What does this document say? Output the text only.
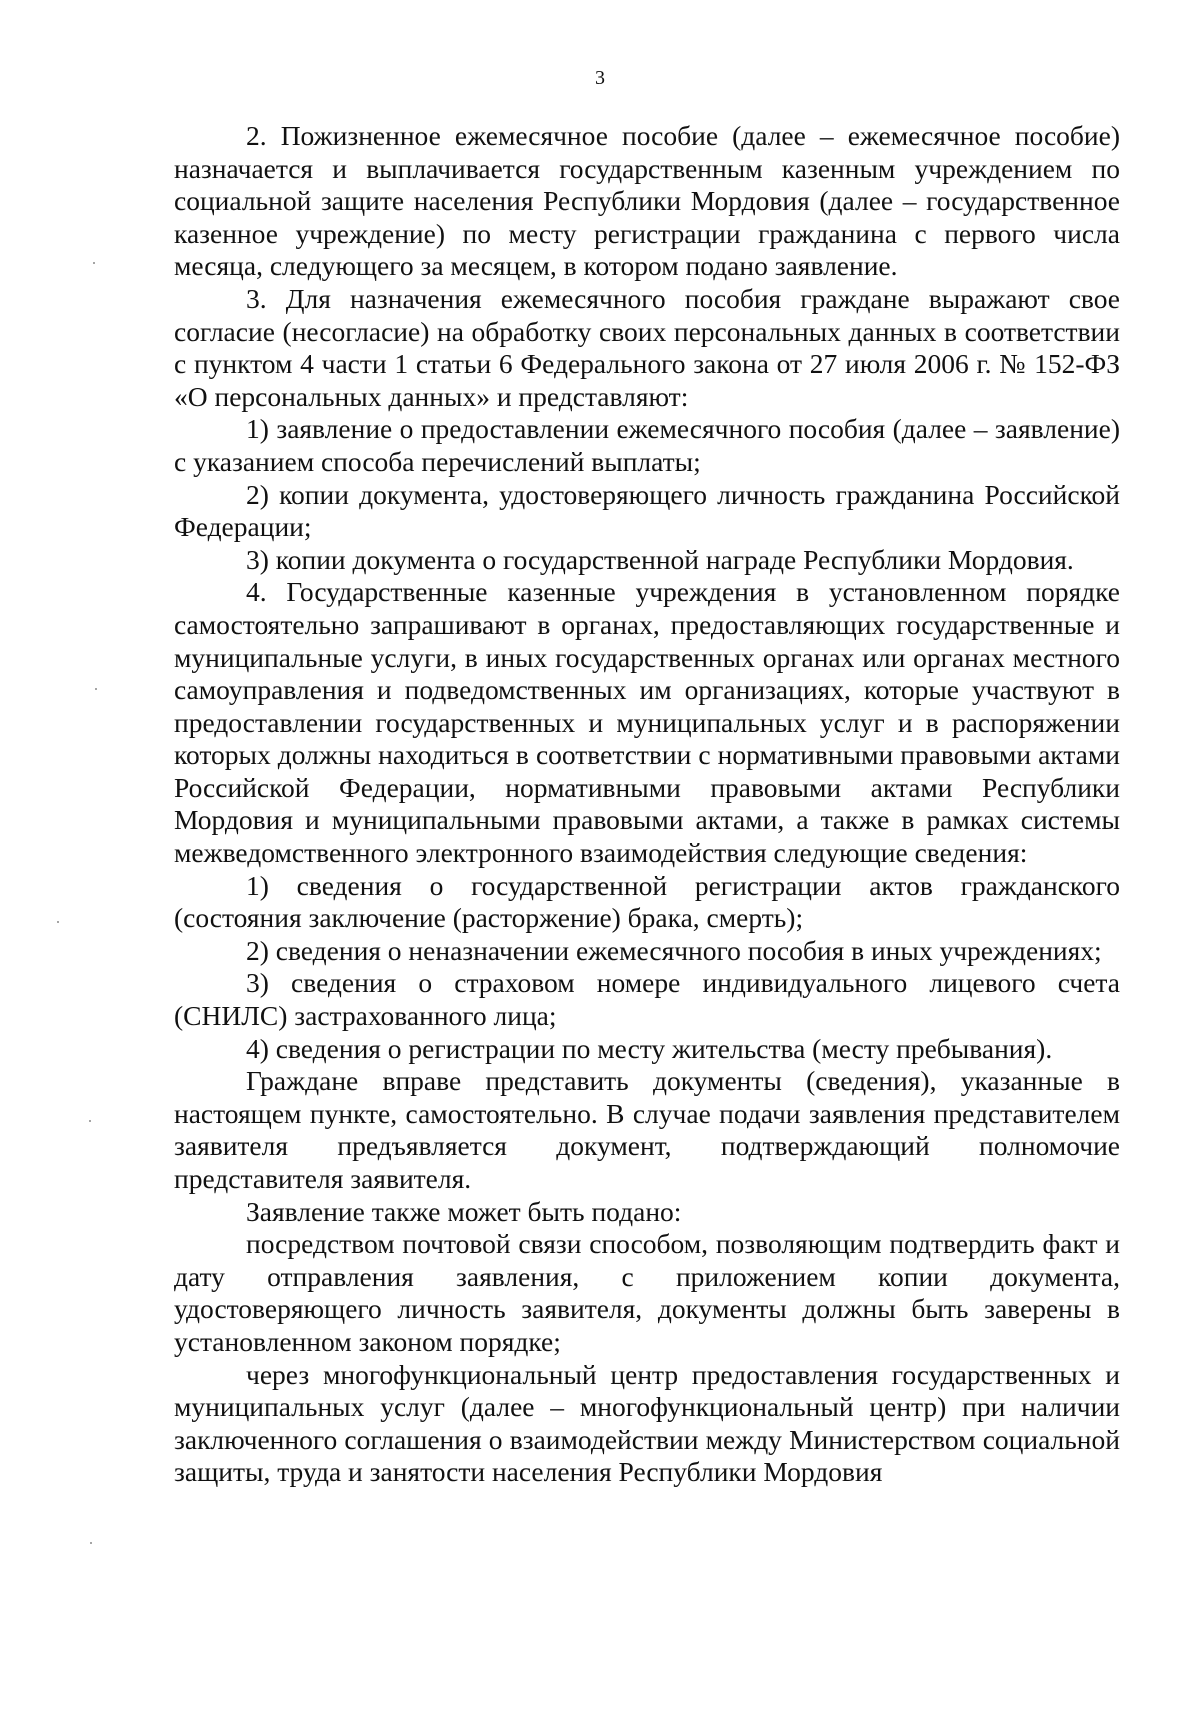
3

2. Пожизненное ежемесячное пособие (далее – ежемесячное пособие) назначается и выплачивается государственным казенным учреждением по социальной защите населения Республики Мордовия (далее – государственное казенное учреждение) по месту регистрации гражданина с первого числа месяца, следующего за месяцем, в котором подано заявление.

3. Для назначения ежемесячного пособия граждане выражают свое согласие (несогласие) на обработку своих персональных данных в соответствии с пунктом 4 части 1 статьи 6 Федерального закона от 27 июля 2006 г. № 152-ФЗ «О персональных данных» и представляют:

1) заявление о предоставлении ежемесячного пособия (далее – заявление) с указанием способа перечислений выплаты;

2) копии документа, удостоверяющего личность гражданина Российской Федерации;

3) копии документа о государственной награде Республики Мордовия.

4. Государственные казенные учреждения в установленном порядке самостоятельно запрашивают в органах, предоставляющих государственные и муниципальные услуги, в иных государственных органах или органах местного самоуправления и подведомственных им организациях, которые участвуют в предоставлении государственных и муниципальных услуг и в распоряжении которых должны находиться в соответствии с нормативными правовыми актами Российской Федерации, нормативными правовыми актами Республики Мордовия и муниципальными правовыми актами, а также в рамках системы межведомственного электронного взаимодействия следующие сведения:

1) сведения о государственной регистрации актов гражданского (состояния заключение (расторжение) брака, смерть);

2) сведения о неназначении ежемесячного пособия в иных учреждениях;

3) сведения о страховом номере индивидуального лицевого счета (СНИЛС) застрахованного лица;

4) сведения о регистрации по месту жительства (месту пребывания).

Граждане вправе представить документы (сведения), указанные в настоящем пункте, самостоятельно. В случае подачи заявления представителем заявителя предъявляется документ, подтверждающий полномочие представителя заявителя.

Заявление также может быть подано:

посредством почтовой связи способом, позволяющим подтвердить факт и дату отправления заявления, с приложением копии документа, удостоверяющего личность заявителя, документы должны быть заверены в установленном законом порядке;

через многофункциональный центр предоставления государственных и муниципальных услуг (далее – многофункциональный центр) при наличии заключенного соглашения о взаимодействии между Министерством социальной защиты, труда и занятости населения Республики Мордовия
